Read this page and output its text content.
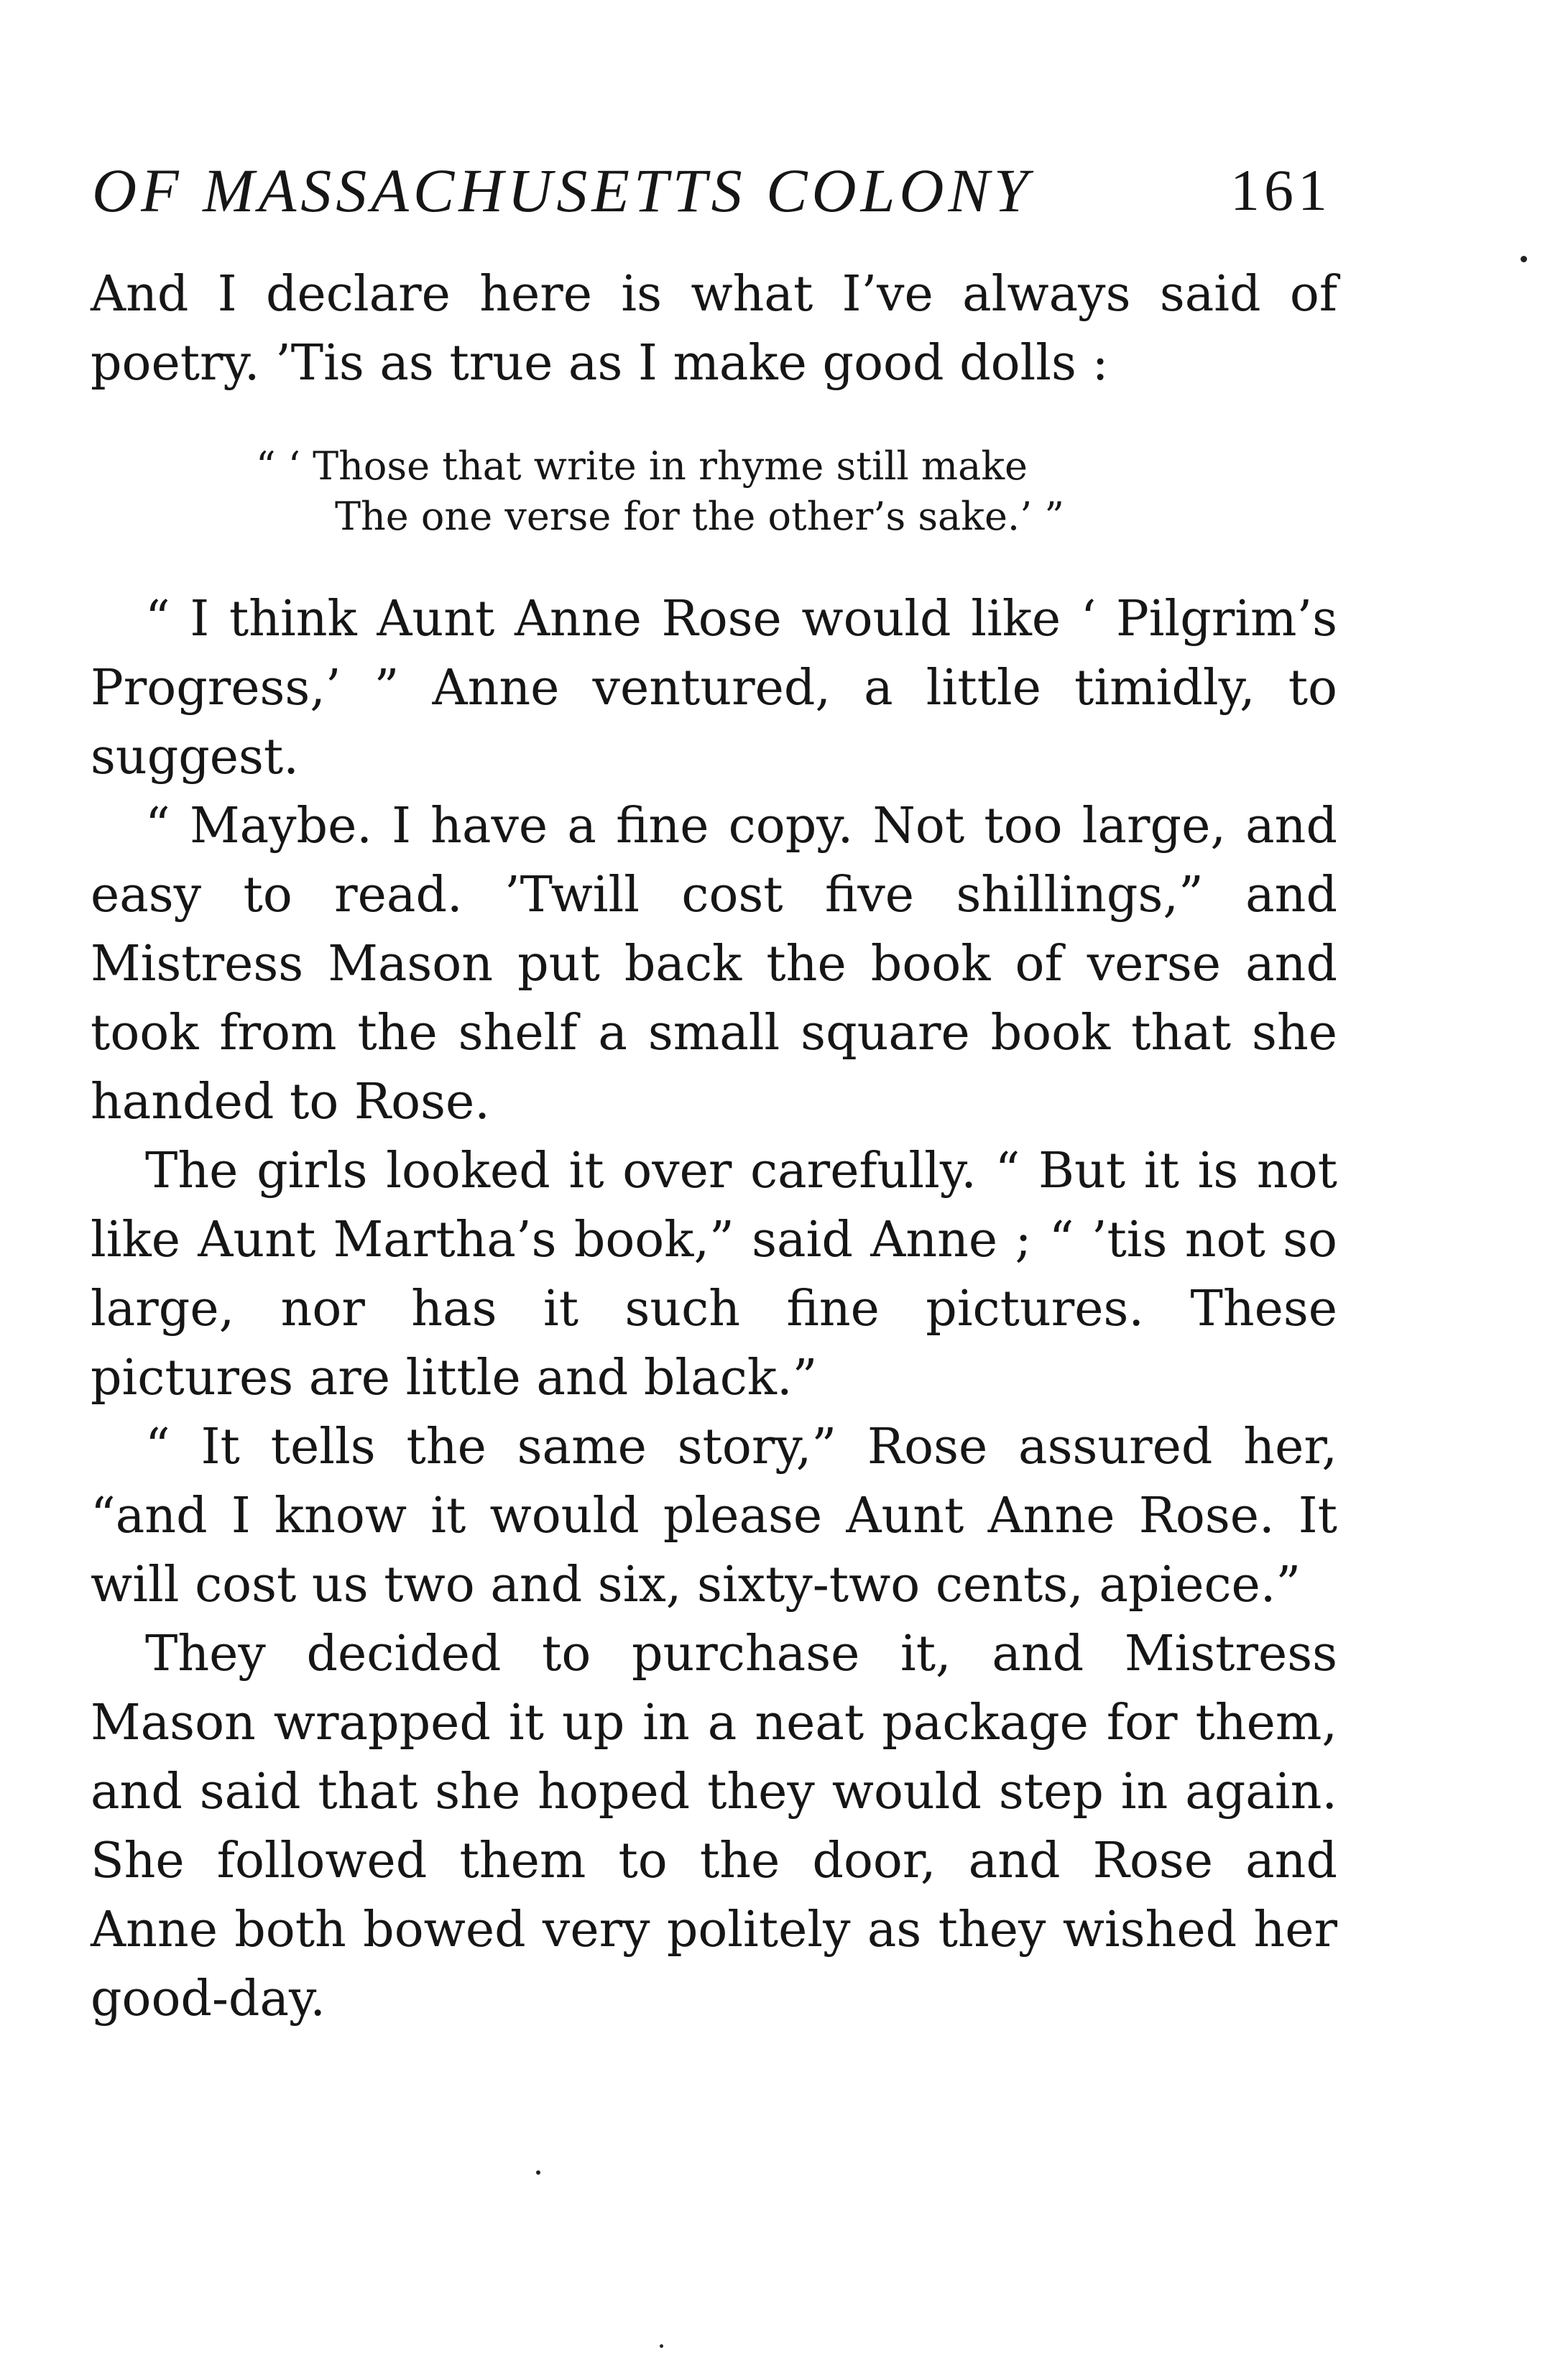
OF MASSACHUSETTS COLONY	161

And I declare here is what I’ve always said of poetry. ’Tis as true as I make good dolls :

“ ‘ Those that write in rhyme still make
The one verse for the other’s sake.’ ”

“ I think Aunt Anne Rose would like ‘ Pilgrim’s Progress,’ ” Anne ventured, a little timidly, to suggest.

“ Maybe. I have a fine copy. Not too large, and easy to read. ’Twill cost five shillings,” and Mistress Mason put back the book of verse and took from the shelf a small square book that she handed to Rose.

The girls looked it over carefully. “ But it is not like Aunt Martha’s book,” said Anne ; “ ’tis not so large, nor has it such fine pictures. These pictures are little and black.”

“ It tells the same story,” Rose assured her, “and I know it would please Aunt Anne Rose. It will cost us two and six, sixty-two cents, apiece.”

They decided to purchase it, and Mistress Mason wrapped it up in a neat package for them, and said that she hoped they would step in again. She followed them to the door, and Rose and Anne both bowed very politely as they wished her good-day.
